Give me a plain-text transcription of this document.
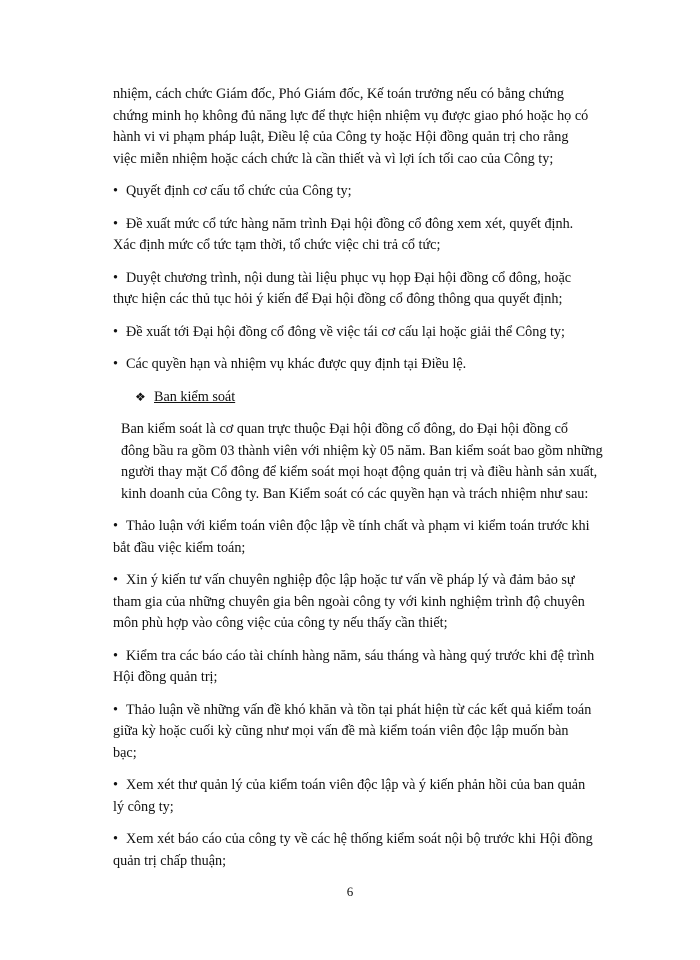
nhiệm, cách chức Giám đốc, Phó Giám đốc, Kế toán trưởng nếu có bằng chứng
chứng minh họ không đủ năng lực để thực hiện nhiệm vụ được giao phó hoặc họ có
hành vi vi phạm pháp luật, Điều lệ của Công ty hoặc Hội đồng quản trị cho rằng
việc miễn nhiệm hoặc cách chức là cần thiết và vì lợi ích tối cao của Công ty;
• Quyết định cơ cấu tổ chức của Công ty;
• Đề xuất mức cổ tức hàng năm trình Đại hội đồng cổ đông xem xét, quyết định.
Xác định mức cổ tức tạm thời, tổ chức việc chi trả cổ tức;
• Duyệt chương trình, nội dung tài liệu phục vụ họp Đại hội đồng cổ đông, hoặc
thực hiện các thủ tục hỏi ý kiến để Đại hội đồng cổ đông thông qua quyết định;
• Đề xuất tới Đại hội đồng cổ đông về việc tái cơ cấu lại hoặc giải thể Công ty;
• Các quyền hạn và nhiệm vụ khác được quy định tại Điều lệ.
❖ Ban kiểm soát
Ban kiểm soát là cơ quan trực thuộc Đại hội đồng cổ đông, do Đại hội đồng cổ
đông bầu ra gồm 03 thành viên với nhiệm kỳ 05 năm. Ban kiểm soát bao gồm những
người thay mặt Cổ đông để kiểm soát mọi hoạt động quản trị và điều hành sản xuất,
kinh doanh của Công ty. Ban Kiểm soát có các quyền hạn và trách nhiệm như sau:
• Thảo luận với kiểm toán viên độc lập về tính chất và phạm vi kiểm toán trước khi
bắt đầu việc kiểm toán;
• Xin ý kiến tư vấn chuyên nghiệp độc lập hoặc tư vấn về pháp lý và đảm bảo sự
tham gia của những chuyên gia bên ngoài công ty với kinh nghiệm trình độ chuyên
môn phù hợp vào công việc của công ty nếu thấy cần thiết;
• Kiểm tra các báo cáo tài chính hàng năm, sáu tháng và hàng quý trước khi đệ trình
Hội đồng quản trị;
• Thảo luận về những vấn đề khó khăn và tồn tại phát hiện từ các kết quả kiểm toán
giữa kỳ hoặc cuối kỳ cũng như mọi vấn đề mà kiểm toán viên độc lập muốn bàn
bạc;
• Xem xét thư quản lý của kiểm toán viên độc lập và ý kiến phản hồi của ban quản
lý công ty;
• Xem xét báo cáo của công ty về các hệ thống kiểm soát nội bộ trước khi Hội đồng
quản trị chấp thuận;
6
